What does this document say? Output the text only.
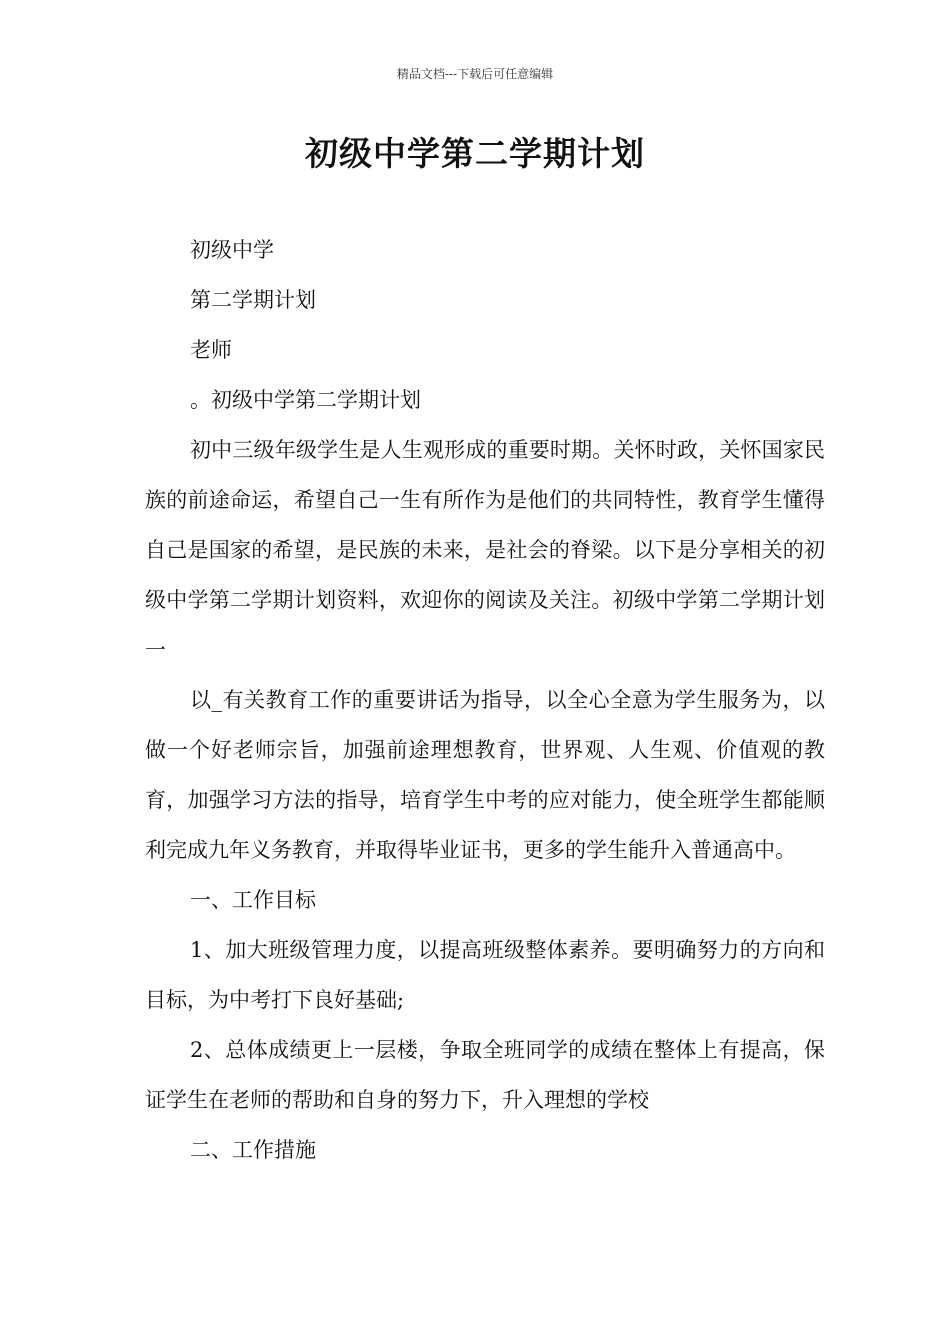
精品文档---下载后可任意编辑
初级中学第二学期计划

初级中学

第二学期计划

老师

。初级中学第二学期计划

初中三级年级学生是人生观形成的重要时期。关怀时政，关怀国家民族的前途命运，希望自己一生有所作为是他们的共同特性，教育学生懂得自己是国家的希望，是民族的未来，是社会的脊梁。以下是分享相关的初级中学第二学期计划资料，欢迎你的阅读及关注。初级中学第二学期计划一

以_有关教育工作的重要讲话为指导，以全心全意为学生服务为，以做一个好老师宗旨，加强前途理想教育，世界观、人生观、价值观的教育，加强学习方法的指导，培育学生中考的应对能力，使全班学生都能顺利完成九年义务教育，并取得毕业证书，更多的学生能升入普通高中。

一、工作目标

1、加大班级管理力度，以提高班级整体素养。要明确努力的方向和目标，为中考打下良好基础;

2、总体成绩更上一层楼，争取全班同学的成绩在整体上有提高，保证学生在老师的帮助和自身的努力下，升入理想的学校

二、工作措施
